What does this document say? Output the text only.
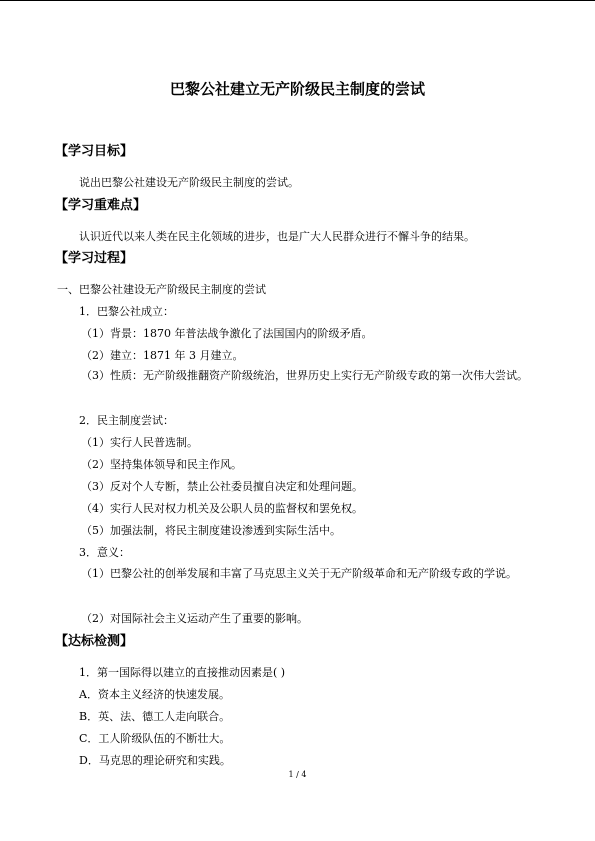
巴黎公社建立无产阶级民主制度的尝试
【学习目标】
说出巴黎公社建设无产阶级民主制度的尝试。
【学习重难点】
认识近代以来人类在民主化领域的进步，也是广大人民群众进行不懈斗争的结果。
【学习过程】
一、巴黎公社建设无产阶级民主制度的尝试
1．巴黎公社成立：
（1）背景：1870 年普法战争激化了法国国内的阶级矛盾。
（2）建立：1871 年 3 月建立。
（3）性质：无产阶级推翻资产阶级统治，世界历史上实行无产阶级专政的第一次伟大尝试。
2．民主制度尝试：
（1）实行人民普选制。
（2）坚持集体领导和民主作风。
（3）反对个人专断，禁止公社委员擅自决定和处理问题。
（4）实行人民对权力机关及公职人员的监督权和罢免权。
（5）加强法制，将民主制度建设渗透到实际生活中。
3．意义：
（1）巴黎公社的创举发展和丰富了马克思主义关于无产阶级革命和无产阶级专政的学说。
（2）对国际社会主义运动产生了重要的影响。
【达标检测】
1．第一国际得以建立的直接推动因素是( )
A．资本主义经济的快速发展。
B．英、法、德工人走向联合。
C．工人阶级队伍的不断壮大。
D．马克思的理论研究和实践。
1 / 4
